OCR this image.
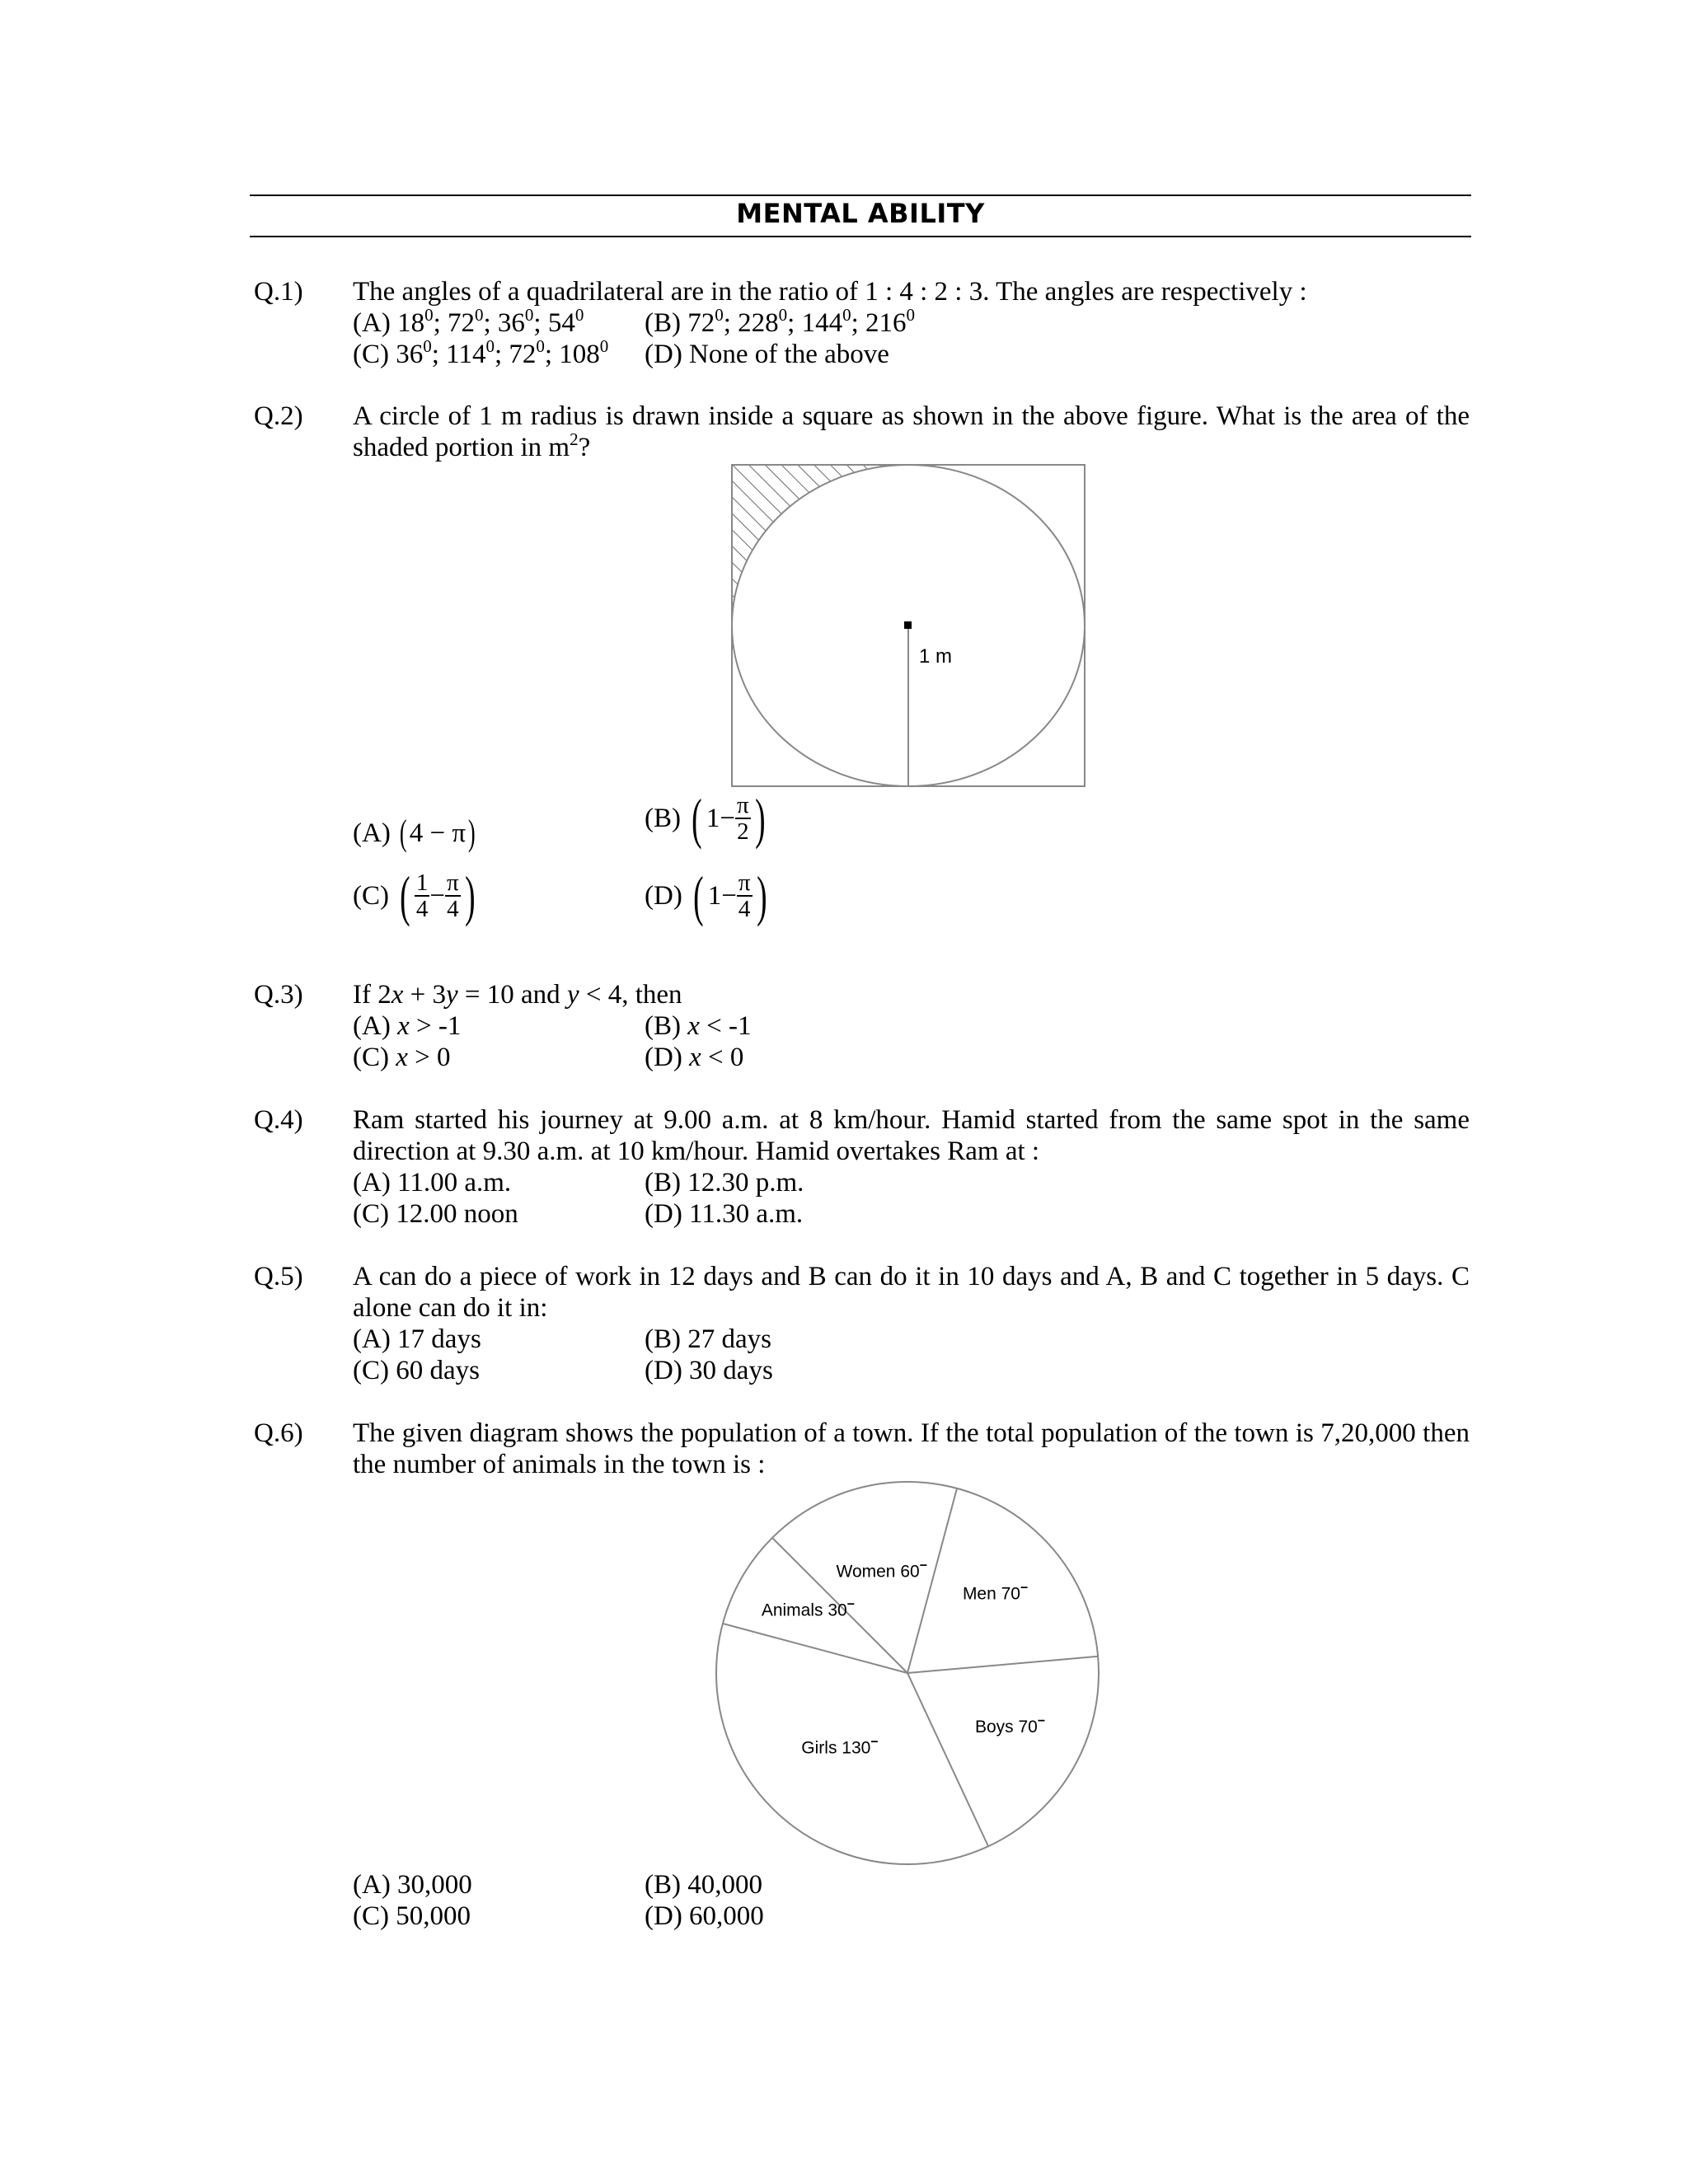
MENTAL ABILITY
Q.1) The angles of a quadrilateral are in the ratio of 1 : 4 : 2 : 3. The angles are respectively :
(A) $18^0$; $72^0$; $36^0$; $54^0$ (B) $72^0$; $228^0$; $144^0$; $216^0$
(C) $36^0$; $114^0$; $72^0$; $108^0$ (D) None of the above
Q.2) A circle of 1 m radius is drawn inside a square as shown in the above figure. What is the area of the shaded portion in $m^2$?
1 m
(A)
( 4 − π )	(B)
( $1- \frac{\pi}{2}$ )
(C)
( $\frac{1}{4} - \frac{\pi}{4}$ )	(D)
( $1- \frac{\pi}{4}$ )
Q.3) If 2x + 3y = 10 and y < 4, then
(A) x > -1	(B) x < -1
(C) x > 0	(D) x < 0
Q.4) Ram started his journey at 9.00 a.m. at 8 km/hour. Hamid started from the same spot in the same direction at 9.30 a.m. at 10 km/hour. Hamid overtakes Ram at :
(A) 11.00 a.m.	(B) 12.30 p.m.
(C) 12.00 noon	(D) 11.30 a.m.
Q.5) A can do a piece of work in 12 days and B can do it in 10 days and A, B and C together in 5 days. C alone can do it in:
(A) 17 days	(B) 27 days
(C) 60 days	(D) 30 days
Q.6) The given diagram shows the population of a town. If the total population of the town is 7,20,000 then the number of animals in the town is :
Men 70−
Boys 70−
Girls 130−
Animals 30−
Women 60−
(A) 30,000	(B) 40,000
(C) 50,000	(D) 60,000
